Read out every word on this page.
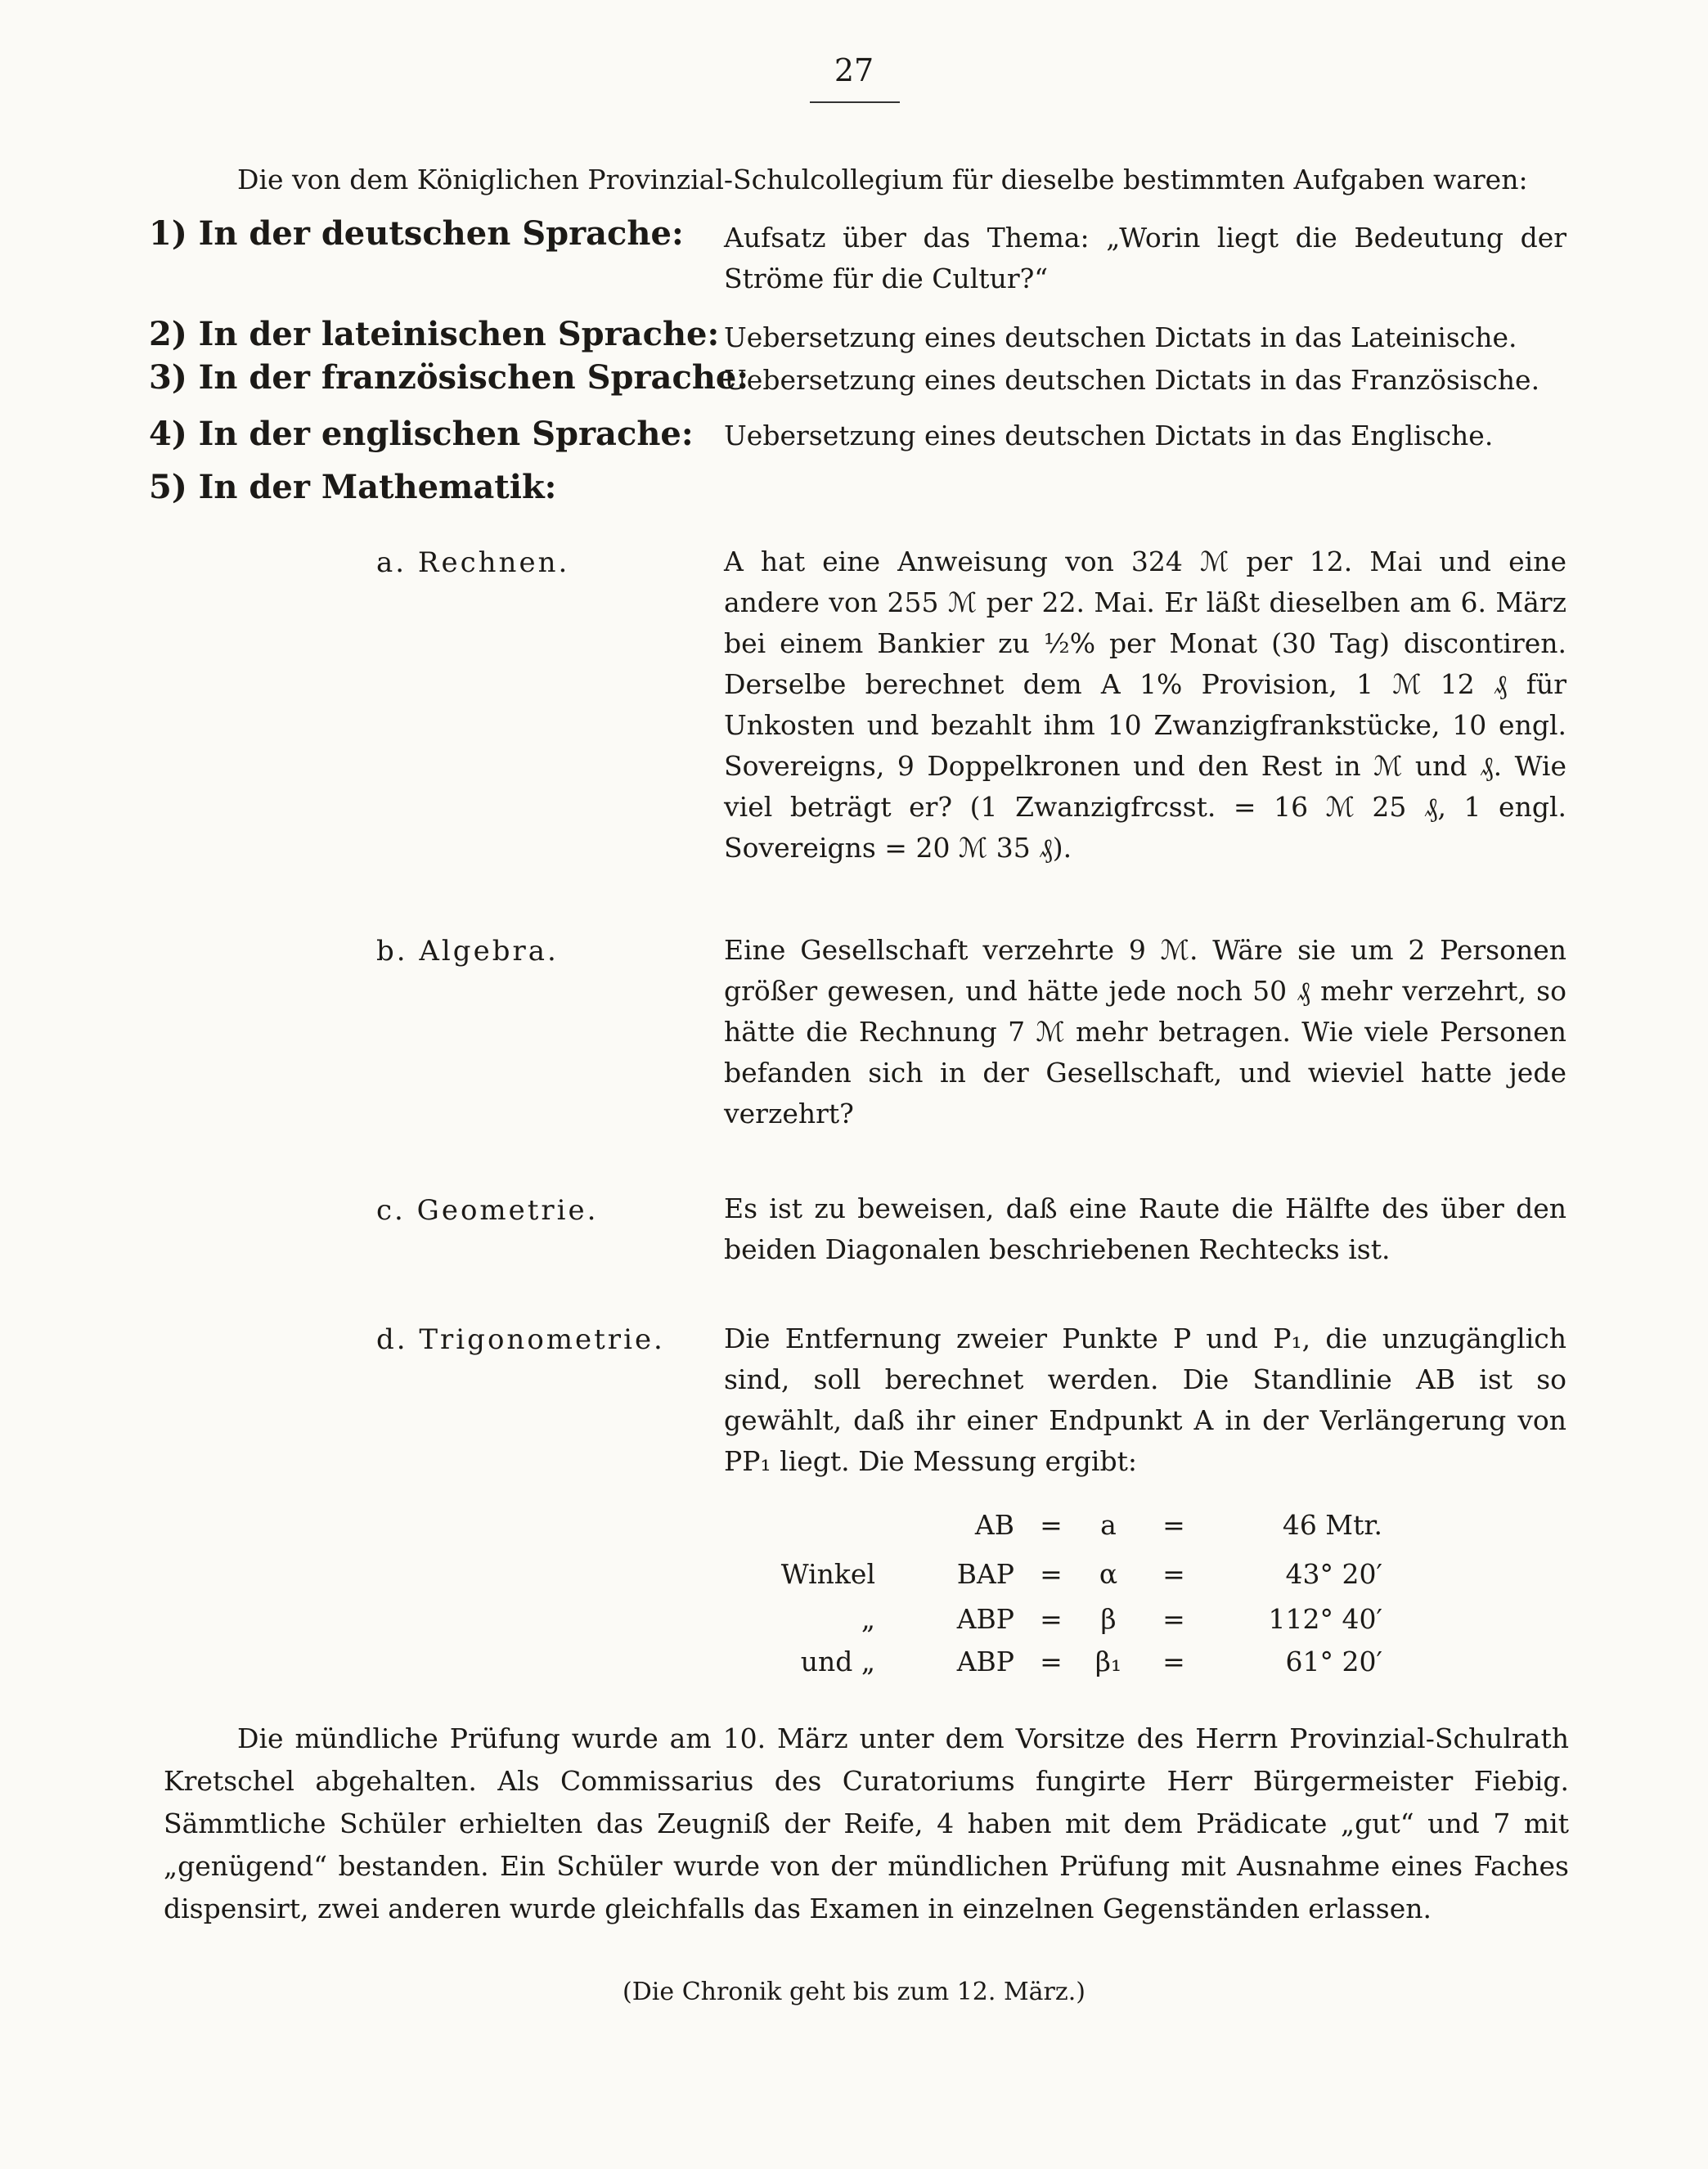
27
Die von dem Königlichen Provinzial-Schulcollegium für dieselbe bestimmten Aufgaben waren:
1) In der deutschen Sprache: Aufsatz über das Thema: „Worin liegt die Bedeutung der Ströme für die Cultur?“
2) In der lateinischen Sprache: Uebersetzung eines deutschen Dictats in das Lateinische.
3) In der französischen Sprache:
Uebersetzung eines deutschen Dictats in das Französische.
4) In der englischen Sprache: Uebersetzung eines deutschen Dictats in das Englische.
5) In der Mathematik:
a. Rechnen.	A hat eine Anweisung von 324 ℳ per 12. Mai und eine andere von 255 ℳ per 22. Mai. Er läßt dieselben am 6. März bei einem Bankier zu ½% per Monat (30 Tag) discontiren. Derselbe berechnet dem A 1% Provision, 1 ℳ 12 ₰ für Unkosten und bezahlt ihm 10 Zwanzigfrankstücke, 10 engl. Sovereigns, 9 Doppelkronen und den Rest in ℳ und ₰. Wie viel beträgt er? (1 Zwanzigfrcsst. = 16 ℳ 25 ₰, 1 engl. Sovereigns = 20 ℳ 35 ₰).
b. Algebra.	Eine Gesellschaft verzehrte 9 ℳ. Wäre sie um 2 Personen größer gewesen, und hätte jede noch 50 ₰ mehr verzehrt, so hätte die Rechnung 7 ℳ mehr betragen. Wie viele Personen befanden sich in der Gesellschaft, und wieviel hatte jede verzehrt?
c. Geometrie.	Es ist zu beweisen, daß eine Raute die Hälfte des über den beiden Diagonalen beschriebenen Rechtecks ist.
d. Trigonometrie. Die Entfernung zweier Punkte P und P₁, die unzugänglich sind, soll berechnet werden. Die Standlinie AB ist so gewählt, daß ihr einer Endpunkt A in der Verlängerung von PP₁ liegt. Die Messung ergibt:
AB =	a	=	46 Mtr.
Winkel	BAP =	α	=	43° 20′
„	ABP =	β	=	112° 40′
und „	ABP =	β₁	=	61° 20′
Die mündliche Prüfung wurde am 10. März unter dem Vorsitze des Herrn Provinzial-Schulrath Kretschel abgehalten. Als Commissarius des Curatoriums fungirte Herr Bürgermeister Fiebig. Sämmtliche Schüler erhielten das Zeugniß der Reife, 4 haben mit dem Prädicate „gut“ und 7 mit „genügend“ bestanden. Ein Schüler wurde von der mündlichen Prüfung mit Ausnahme eines Faches dispensirt, zwei anderen wurde gleichfalls das Examen in einzelnen Gegenständen erlassen.
(Die Chronik geht bis zum 12. März.)
